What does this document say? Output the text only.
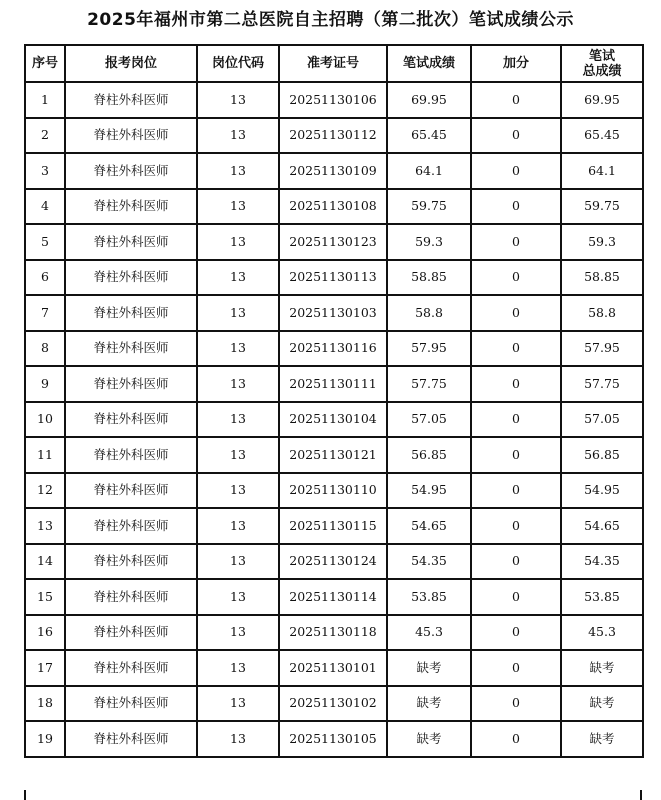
2025年福州市第二总医院自主招聘（第二批次）笔试成绩公示
序号	报考岗位	岗位代码	准考证号	笔试成绩	加分	笔试
总成绩

1	脊柱外科医师	13	20251130106	69.95	0	69.95
2	脊柱外科医师	13	20251130112	65.45	0	65.45
3	脊柱外科医师	13	20251130109	64.1	0	64.1
4	脊柱外科医师	13	20251130108	59.75	0	59.75
5	脊柱外科医师	13	20251130123	59.3	0	59.3
6	脊柱外科医师	13	20251130113	58.85	0	58.85
7	脊柱外科医师	13	20251130103	58.8	0	58.8
8	脊柱外科医师	13	20251130116	57.95	0	57.95
9	脊柱外科医师	13	20251130111	57.75	0	57.75
10	脊柱外科医师	13	20251130104	57.05	0	57.05
11	脊柱外科医师	13	20251130121	56.85	0	56.85
12	脊柱外科医师	13	20251130110	54.95	0	54.95
13	脊柱外科医师	13	20251130115	54.65	0	54.65
14	脊柱外科医师	13	20251130124	54.35	0	54.35
15	脊柱外科医师	13	20251130114	53.85	0	53.85
16	脊柱外科医师	13	20251130118	45.3	0	45.3
17	脊柱外科医师	13	20251130101	缺考	0	缺考
18	脊柱外科医师	13	20251130102	缺考	0	缺考
19	脊柱外科医师	13	20251130105	缺考	0	缺考
